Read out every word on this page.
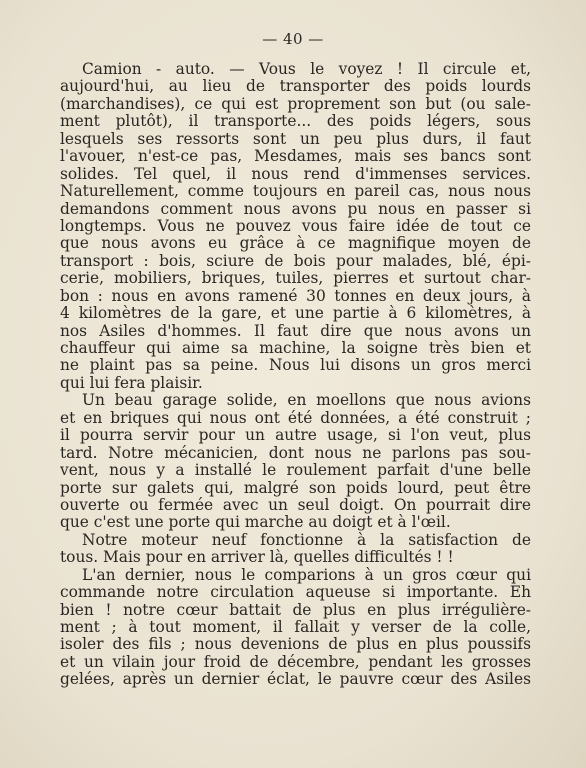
— 40 —
Camion - auto. — Vous le voyez ! Il circule et,
aujourd'hui, au lieu de transporter des poids lourds
(marchandises), ce qui est proprement son but (ou sale-
ment plutôt), il transporte... des poids légers, sous
lesquels ses ressorts sont un peu plus durs, il faut
l'avouer, n'est-ce pas, Mesdames, mais ses bancs sont
solides. Tel quel, il nous rend d'immenses services.
Naturellement, comme toujours en pareil cas, nous nous
demandons comment nous avons pu nous en passer si
longtemps. Vous ne pouvez vous faire idée de tout ce
que nous avons eu grâce à ce magnifique moyen de
transport : bois, sciure de bois pour malades, blé, épi-
cerie, mobiliers, briques, tuiles, pierres et surtout char-
bon : nous en avons ramené 30 tonnes en deux jours, à
4 kilomètres de la gare, et une partie à 6 kilomètres, à
nos Asiles d'hommes. Il faut dire que nous avons un
chauffeur qui aime sa machine, la soigne très bien et
ne plaint pas sa peine. Nous lui disons un gros merci
qui lui fera plaisir.
Un beau garage solide, en moellons que nous avions
et en briques qui nous ont été données, a été construit ;
il pourra servir pour un autre usage, si l'on veut, plus
tard. Notre mécanicien, dont nous ne parlons pas sou-
vent, nous y a installé le roulement parfait d'une belle
porte sur galets qui, malgré son poids lourd, peut être
ouverte ou fermée avec un seul doigt. On pourrait dire
que c'est une porte qui marche au doigt et à l'œil.
Notre moteur neuf fonctionne à la satisfaction de
tous. Mais pour en arriver là, quelles difficultés ! !
L'an dernier, nous le comparions à un gros cœur qui
commande notre circulation aqueuse si importante. Eh
bien ! notre cœur battait de plus en plus irrégulière-
ment ; à tout moment, il fallait y verser de la colle,
isoler des fils ; nous devenions de plus en plus poussifs
et un vilain jour froid de décembre, pendant les grosses
gelées, après un dernier éclat, le pauvre cœur des Asiles
